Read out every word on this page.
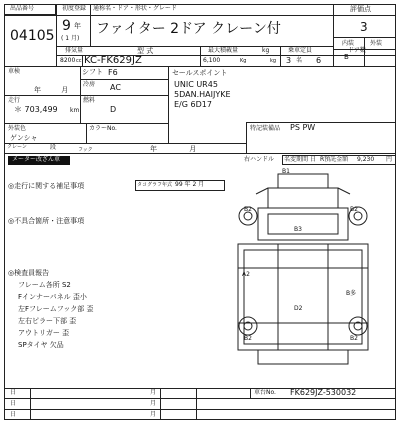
出品番号
04105
初度登録
9 年
( 1 月)
通称名・ドア・形状・グレード
ファイター 2ドア クレーン付
評価点
3
内装	外装
B
排気量	型 式	最大積載量	kg	乗車定員	ドア数
8200 cc KC-FK629JZ	6,100	Kg	kg 3 名 6
車検
年 月
シフト F6
冷房 AC
走行
＊ 703,499 km
燃料
D
外装色
ゲンシャ
カラーNo.
クレーン	段	フック	年 月
セールスポイント
UNIC UR45
5DAN.HAIJYKE
E/G 6D17
特記装備品 PS PW
メーター改ざん車	右ハンドル 名変期間 日 R預託金額 9,230 円
◎走行に関する補足事項	タコグラフ年式 99 年 2 月
◎不具合箇所・注意事項
◎検査員報告
フレーム各所 S2
Fインナーパネル 歪小
左Fフレームフック部 歪
左右ピラー下部 歪
アウトリガー 歪
SPタイヤ 欠品
B1
B2	B2
B3
A2
B多
D2
B2	B2
日	月
日	月
日	月
車台No. FK629JZ-530032
